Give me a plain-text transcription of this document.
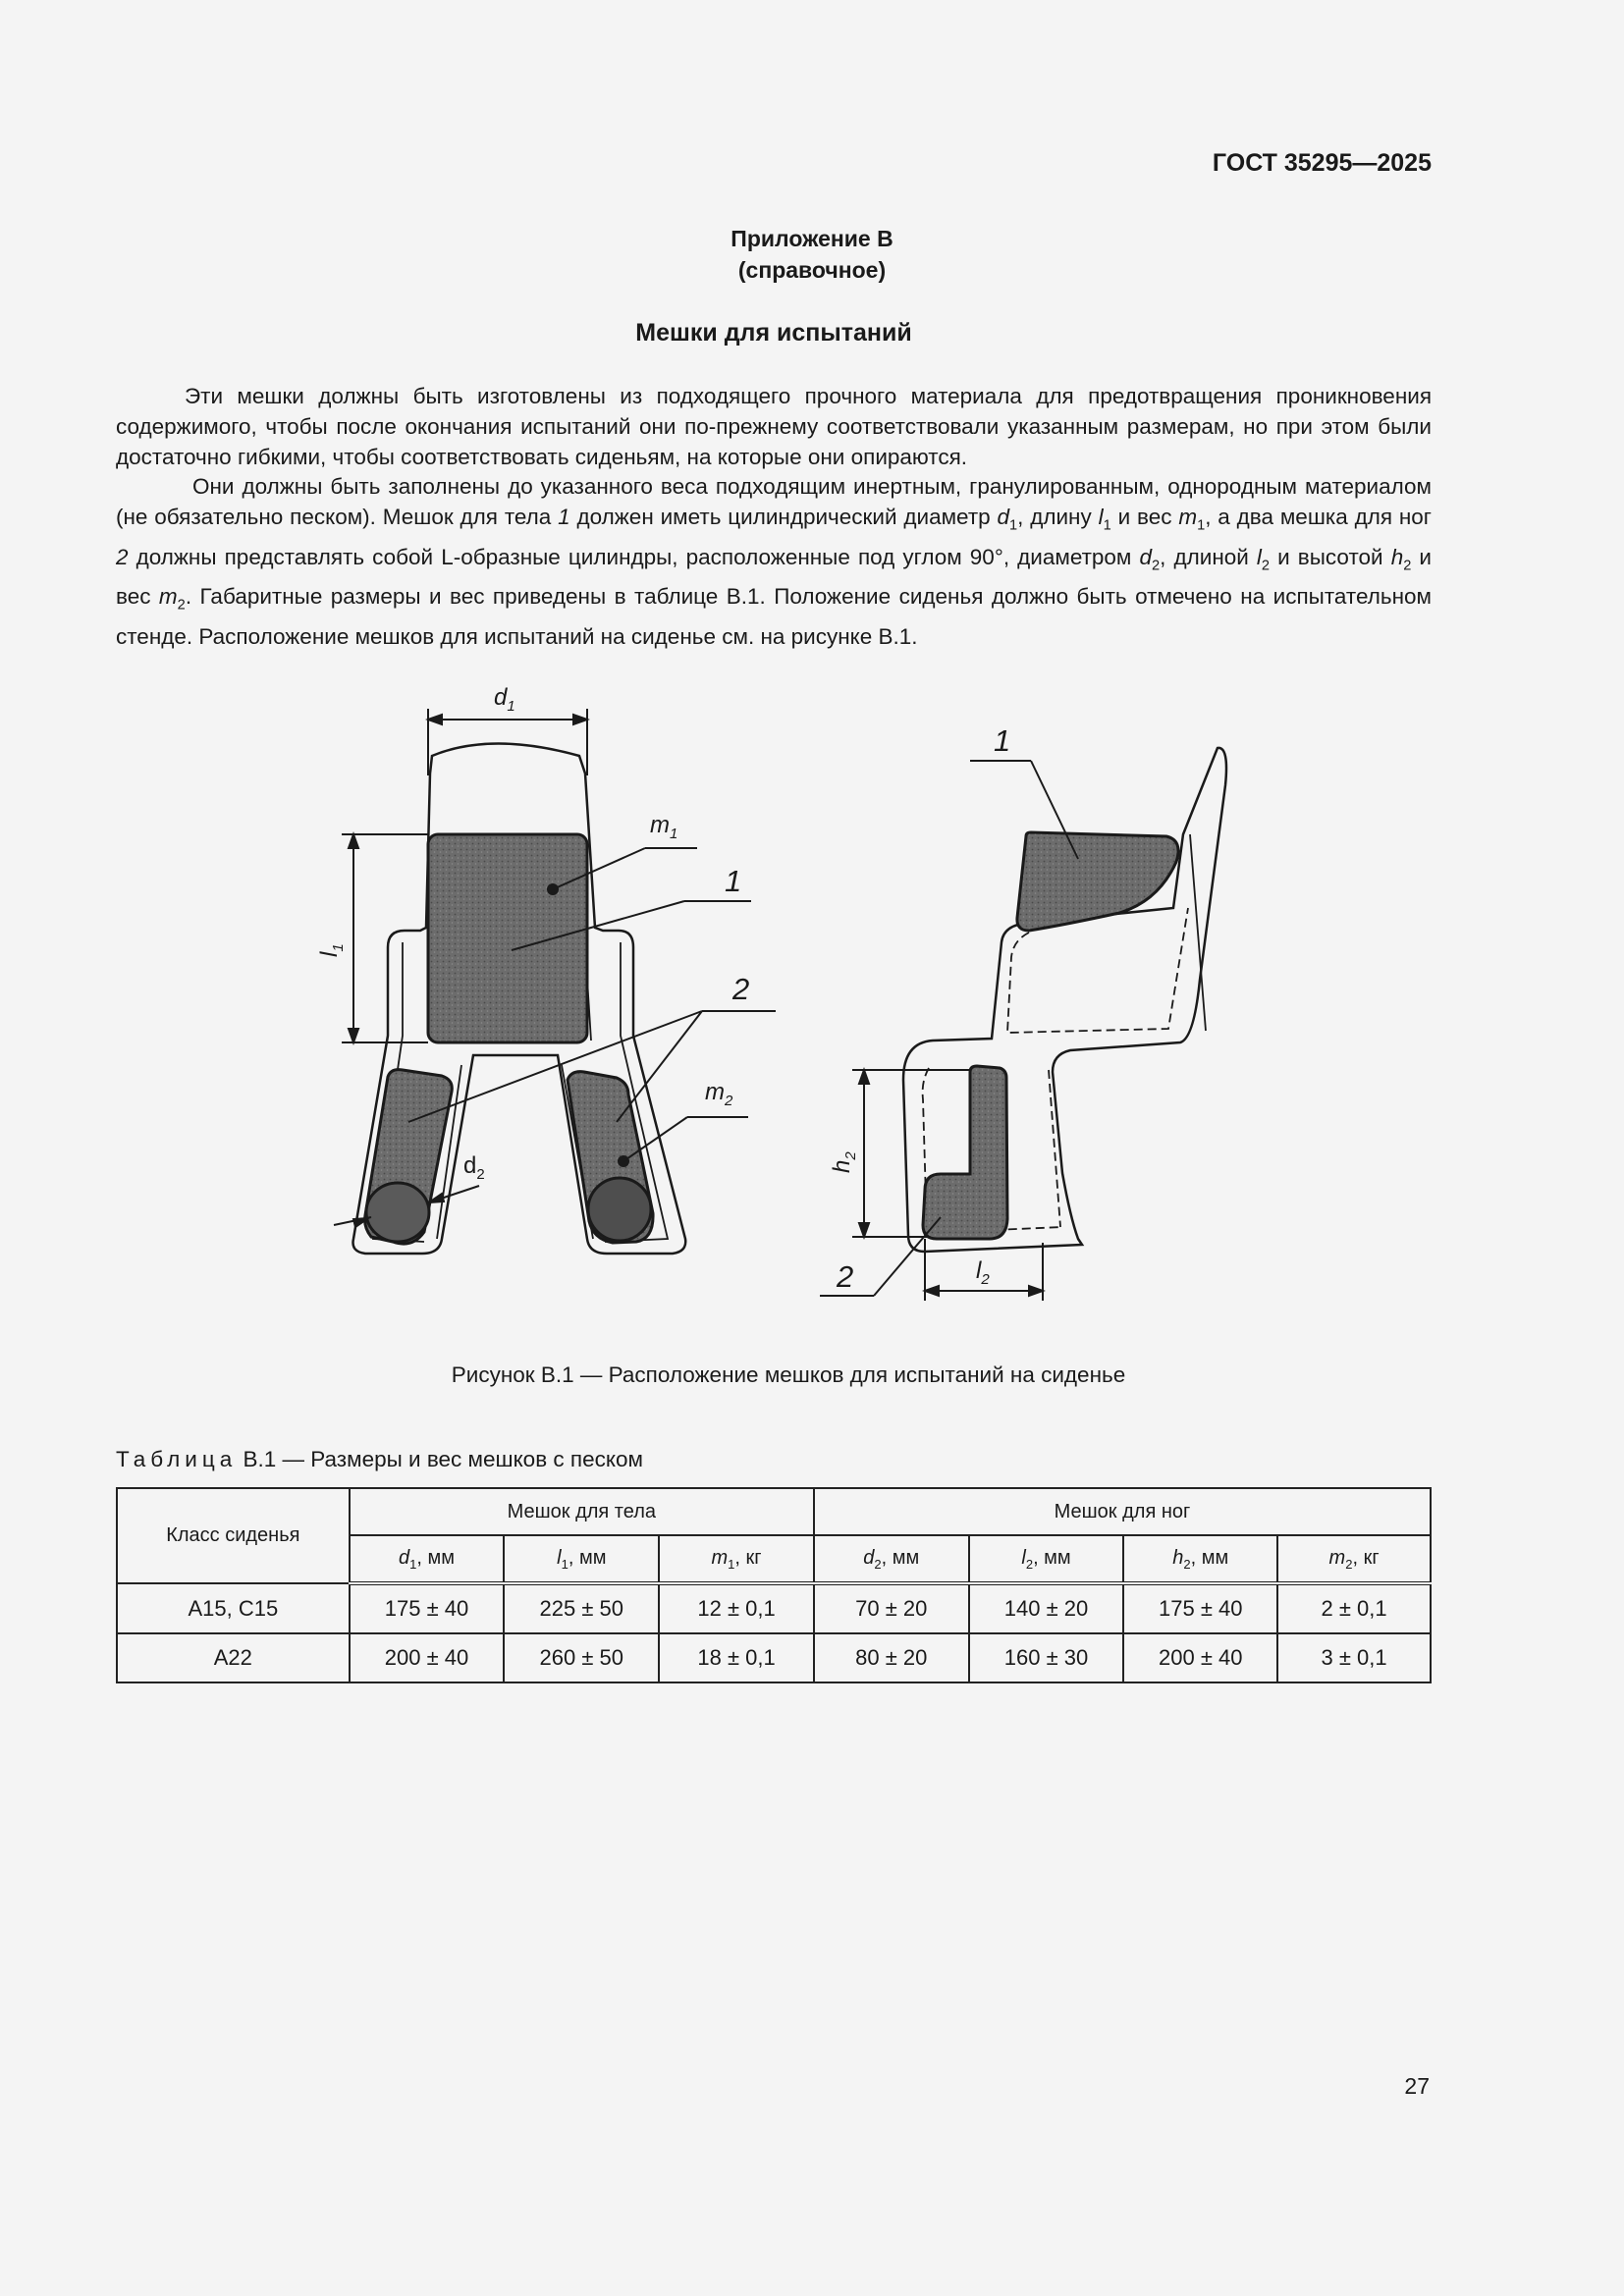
ГОСТ 35295—2025
Приложение В
(справочное)
Мешки для испытаний
Эти мешки должны быть изготовлены из подходящего прочного материала для предотвращения проникновения содержимого, чтобы после окончания испытаний они по-прежнему соответствовали указанным размерам, но при этом были достаточно гибкими, чтобы соответствовать сиденьям, на которые они опираются.
Они должны быть заполнены до указанного веса подходящим инертным, гранулированным, однородным материалом (не обязательно песком). Мешок для тела 1 должен иметь цилиндрический диаметр $d_1$, длину $l_1$ и вес $m_1$, а два мешка для ног 2 должны представлять собой L-образные цилиндры, расположенные под углом 90°, диаметром $d_2$, длиной $l_2$ и высотой $h_2$ и вес $m_2$. Габаритные размеры и вес приведены в таблице В.1. Положение сиденья должно быть отмечено на испытательном стенде. Расположение мешков для испытаний на сиденье см. на рисунке В.1.
$d_1$
$l_1$
$m_1$
1
2
$m_2$
$d_2$
1
$h_2$
2	$l_2$
Рисунок В.1 — Расположение мешков для испытаний на сиденье
Таблица В.1 — Размеры и вес мешков с песком
Класс сиденья	Мешок для тела			Мешок для ног			
	$d_1$, мм	$l_1$, мм	$m_1$, кг	$d_2$, мм	$l_2$, мм	$h_2$, мм	$m_2$, кг
A15, C15	175 ± 40	225 ± 50	12 ± 0,1	70 ± 20	140 ± 20	175 ± 40	2 ± 0,1
A22	200 ± 40	260 ± 50	18 ± 0,1	80 ± 20	160 ± 30	200 ± 40	3 ± 0,1
27
